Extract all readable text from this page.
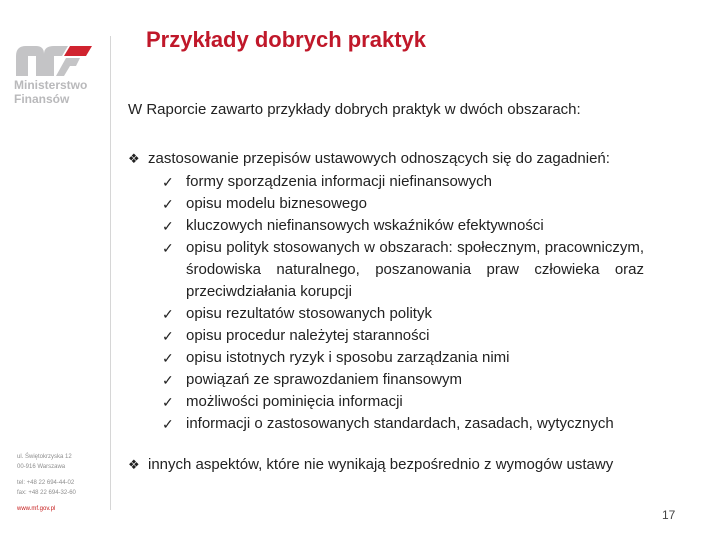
Ministerstwo
Finansów
ul. Świętokrzyska 12
00-916 Warszawa
tel: +48 22 694-44-02
fax: +48 22 694-32-60
www.mf.gov.pl
Przykłady dobrych praktyk
W Raporcie zawarto przykłady dobrych praktyk w dwóch obszarach:
❖ zastosowanie przepisów ustawowych odnoszących się do zagadnień:
✓ formy sporządzenia informacji niefinansowych
✓ opisu modelu biznesowego
✓ kluczowych niefinansowych wskaźników efektywności
✓ opisu polityk stosowanych w obszarach: społecznym, pracowniczym, środowiska naturalnego, poszanowania praw człowieka oraz przeciwdziałania korupcji
✓ opisu rezultatów stosowanych polityk
✓ opisu procedur należytej staranności
✓ opisu istotnych ryzyk i sposobu zarządzania nimi
✓ powiązań ze sprawozdaniem finansowym
✓ możliwości pominięcia informacji
✓ informacji o zastosowanych standardach, zasadach, wytycznych
❖ innych aspektów, które nie wynikają bezpośrednio z wymogów ustawy
17
